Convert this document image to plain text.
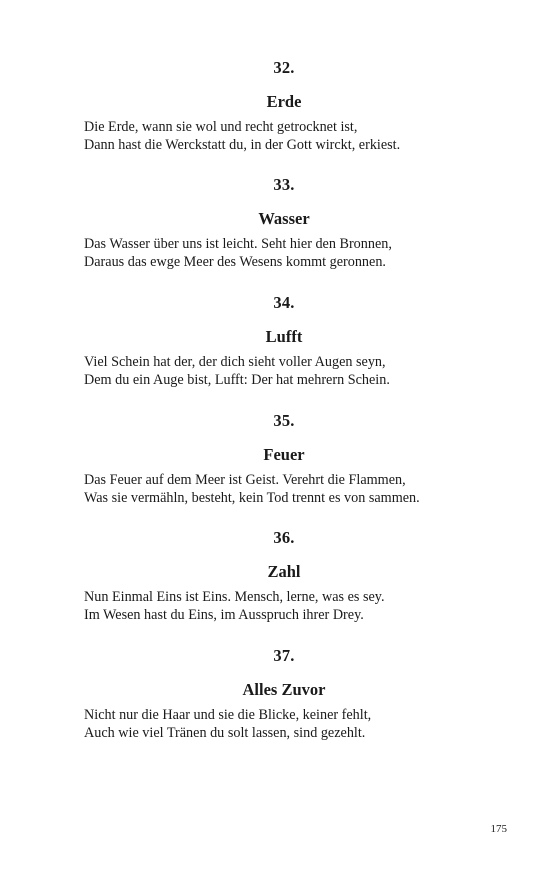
32.
Erde
Die Erde, wann sie wol und recht getrocknet ist,
Dann hast die Werckstatt du, in der Gott wirckt, erkiest.
33.
Wasser
Das Wasser über uns ist leicht. Seht hier den Bronnen,
Daraus das ewge Meer des Wesens kommt geronnen.
34.
Lufft
Viel Schein hat der, der dich sieht voller Augen seyn,
Dem du ein Auge bist, Lufft: Der hat mehrern Schein.
35.
Feuer
Das Feuer auf dem Meer ist Geist. Verehrt die Flammen,
Was sie vermähln, besteht, kein Tod trennt es von sammen.
36.
Zahl
Nun Einmal Eins ist Eins. Mensch, lerne, was es sey.
Im Wesen hast du Eins, im Ausspruch ihrer Drey.
37.
Alles Zuvor
Nicht nur die Haar und sie die Blicke, keiner fehlt,
Auch wie viel Tränen du solt lassen, sind gezehlt.
175
